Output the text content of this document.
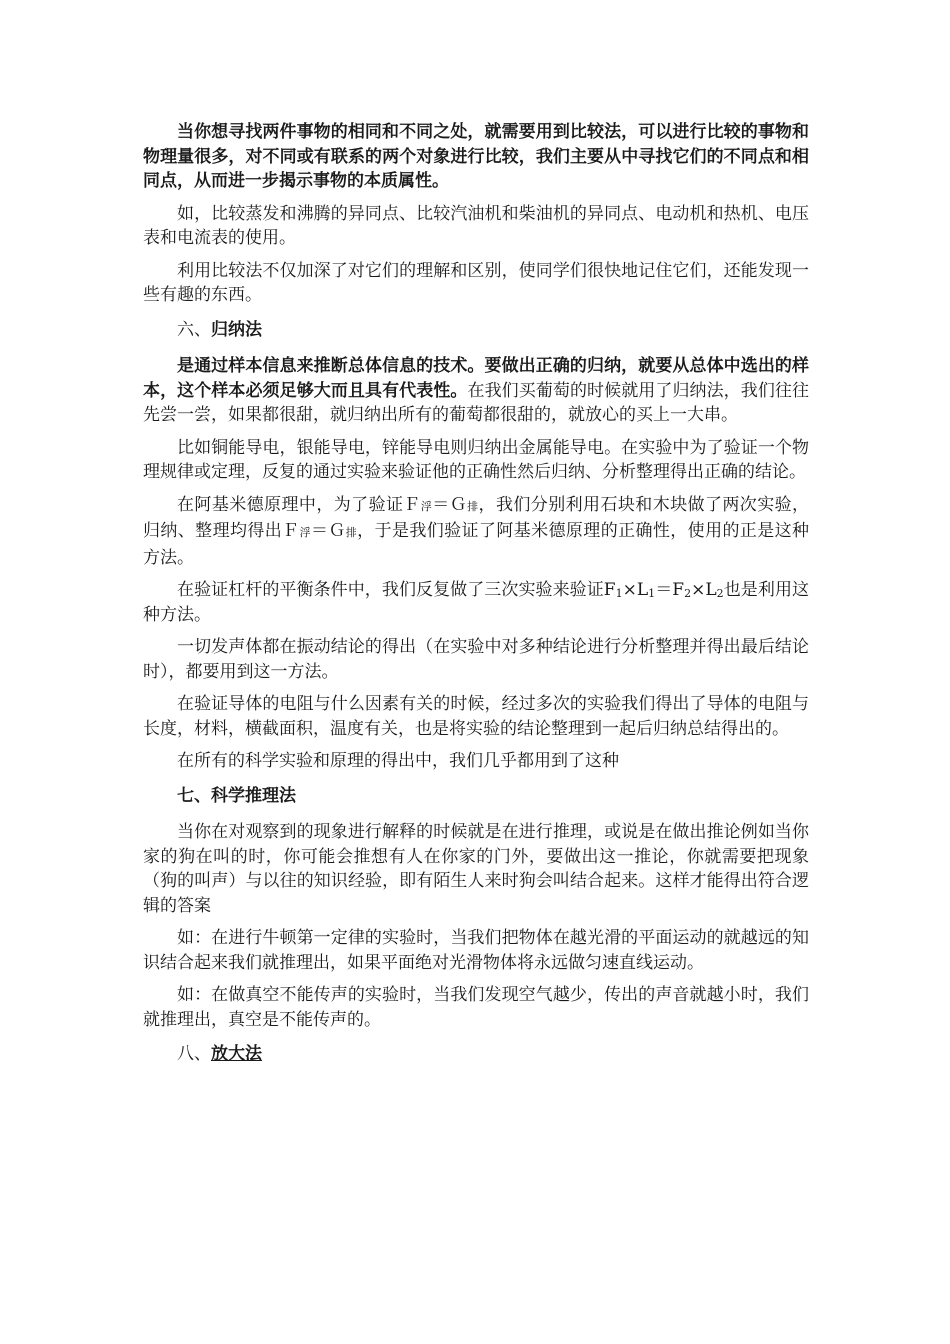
当你想寻找两件事物的相同和不同之处，就需要用到比较法，可以进行比较的事物和物理量很多，对不同或有联系的两个对象进行比较，我们主要从中寻找它们的不同点和相同点，从而进一步揭示事物的本质属性。

如，比较蒸发和沸腾的异同点、比较汽油机和柴油机的异同点、电动机和热机、电压表和电流表的使用。

利用比较法不仅加深了对它们的理解和区别，使同学们很快地记住它们，还能发现一些有趣的东西。

六、归纳法

是通过样本信息来推断总体信息的技术。要做出正确的归纳，就要从总体中选出的样本，这个样本必须足够大而且具有代表性。在我们买葡萄的时候就用了归纳法，我们往往先尝一尝，如果都很甜，就归纳出所有的葡萄都很甜的，就放心的买上一大串。

比如铜能导电，银能导电，锌能导电则归纳出金属能导电。在实验中为了验证一个物理规律或定理，反复的通过实验来验证他的正确性然后归纳、分析整理得出正确的结论。

在阿基米德原理中，为了验证Ｆ浮＝Ｇ排，我们分别利用石块和木块做了两次实验，归纳、整理均得出Ｆ浮＝Ｇ排，于是我们验证了阿基米德原理的正确性，使用的正是这种方法。

在验证杠杆的平衡条件中，我们反复做了三次实验来验证$F_1\times L_1=F_2\times L_2$也是利用这种方法。

一切发声体都在振动结论的得出（在实验中对多种结论进行分析整理并得出最后结论时），都要用到这一方法。

在验证导体的电阻与什么因素有关的时候，经过多次的实验我们得出了导体的电阻与长度，材料，横截面积，温度有关，也是将实验的结论整理到一起后归纳总结得出的。

在所有的科学实验和原理的得出中，我们几乎都用到了这种

七、科学推理法

当你在对观察到的现象进行解释的时候就是在进行推理，或说是在做出推论例如当你家的狗在叫的时，你可能会推想有人在你家的门外，要做出这一推论，你就需要把现象（狗的叫声）与以往的知识经验，即有陌生人来时狗会叫结合起来。这样才能得出符合逻辑的答案

如：在进行牛顿第一定律的实验时，当我们把物体在越光滑的平面运动的就越远的知识结合起来我们就推理出，如果平面绝对光滑物体将永远做匀速直线运动。

如：在做真空不能传声的实验时，当我们发现空气越少，传出的声音就越小时，我们就推理出，真空是不能传声的。

八、放大法
